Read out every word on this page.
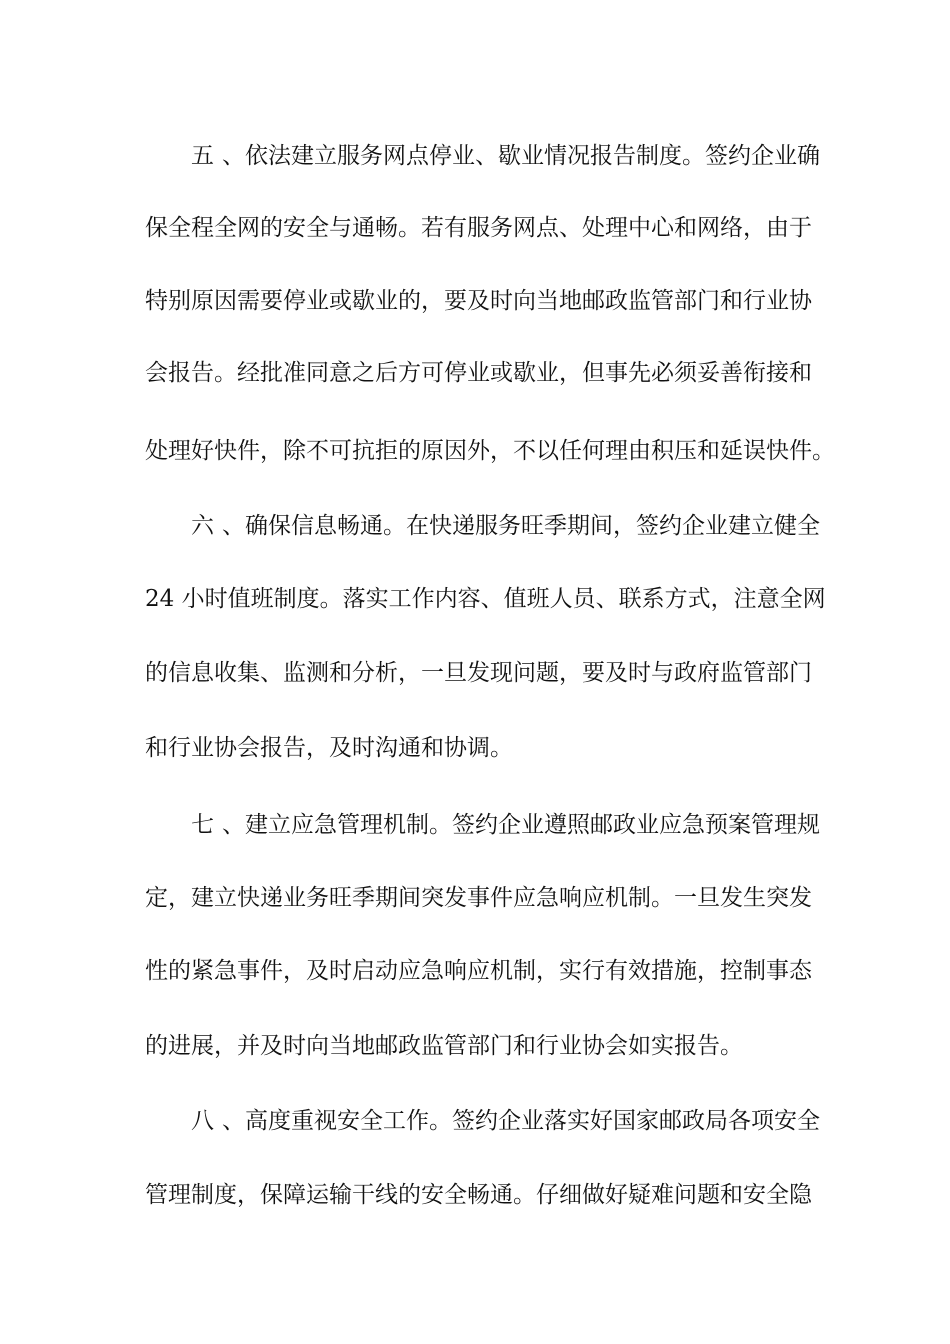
五、依法建立服务网点停业、歇业情况报告制度。签约企业确
保全程全网的安全与通畅。若有服务网点、处理中心和网络，由于
特别原因需要停业或歇业的，要及时向当地邮政监管部门和行业协
会报告。经批准同意之后方可停业或歇业，但事先必须妥善衔接和
处理好快件，除不可抗拒的原因外，不以任何理由积压和延误快件。
六、确保信息畅通。在快递服务旺季期间，签约企业建立健全
24 小时值班制度。落实工作内容、值班人员、联系方式，注意全网
的信息收集、监测和分析，一旦发现问题，要及时与政府监管部门
和行业协会报告，及时沟通和协调。
七、建立应急管理机制。签约企业遵照邮政业应急预案管理规
定，建立快递业务旺季期间突发事件应急响应机制。一旦发生突发
性的紧急事件，及时启动应急响应机制，实行有效措施，控制事态
的进展，并及时向当地邮政监管部门和行业协会如实报告。
八、高度重视安全工作。签约企业落实好国家邮政局各项安全
管理制度，保障运输干线的安全畅通。仔细做好疑难问题和安全隐
